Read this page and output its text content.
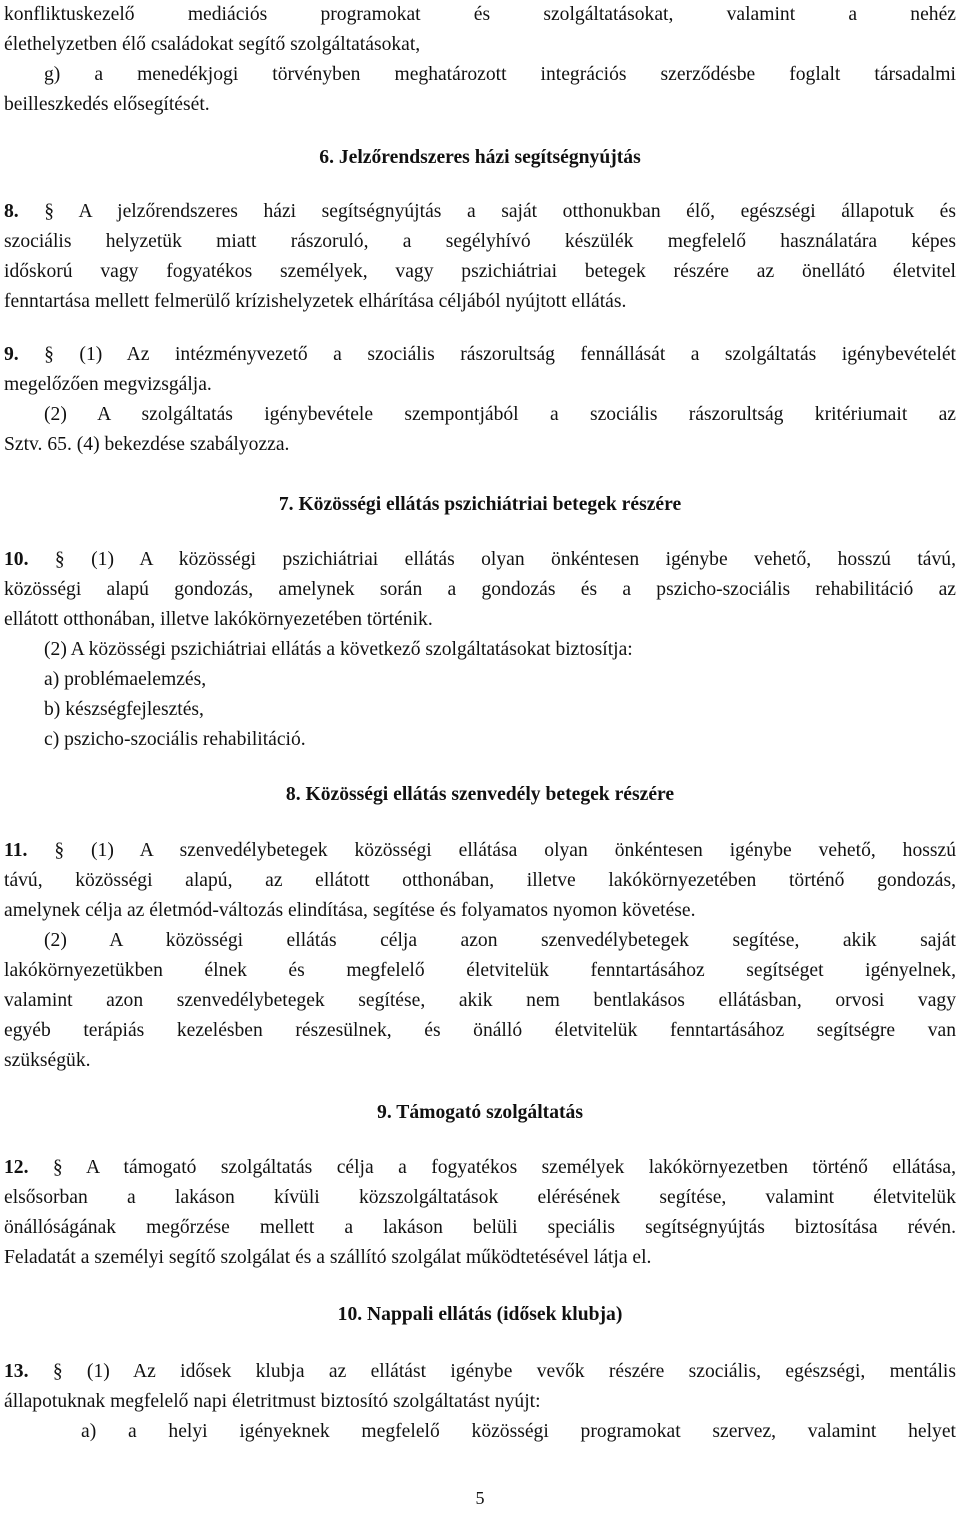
konfliktuskezelő mediációs programokat és szolgáltatásokat, valamint a nehéz
élethelyzetben élő családokat segítő szolgáltatásokat,
g) a menedékjogi törvényben meghatározott integrációs szerződésbe foglalt társadalmi
beilleszkedés elősegítését.
6. Jelzőrendszeres házi segítségnyújtás
8. § A jelzőrendszeres házi segítségnyújtás a saját otthonukban élő, egészségi állapotuk és
szociális helyzetük miatt rászoruló, a segélyhívó készülék megfelelő használatára képes
időskorú vagy fogyatékos személyek, vagy pszichiátriai betegek részére az önellátó életvitel
fenntartása mellett felmerülő krízishelyzetek elhárítása céljából nyújtott ellátás.
9. § (1) Az intézményvezető a szociális rászorultság fennállását a szolgáltatás igénybevételét
megelőzően megvizsgálja.
(2) A szolgáltatás igénybevétele szempontjából a szociális rászorultság kritériumait az
Sztv. 65. (4) bekezdése szabályozza.
7. Közösségi ellátás pszichiátriai betegek részére
10. § (1) A közösségi pszichiátriai ellátás olyan önkéntesen igénybe vehető, hosszú távú,
közösségi alapú gondozás, amelynek során a gondozás és a pszicho-szociális rehabilitáció az
ellátott otthonában, illetve lakókörnyezetében történik.
(2) A közösségi pszichiátriai ellátás a következő szolgáltatásokat biztosítja:
a) problémaelemzés,
b) készségfejlesztés,
c) pszicho-szociális rehabilitáció.
8. Közösségi ellátás szenvedély betegek részére
11. § (1) A szenvedélybetegek közösségi ellátása olyan önkéntesen igénybe vehető, hosszú
távú, közösségi alapú, az ellátott otthonában, illetve lakókörnyezetében történő gondozás,
amelynek célja az életmód-változás elindítása, segítése és folyamatos nyomon követése.
(2) A közösségi ellátás célja azon szenvedélybetegek segítése, akik saját
lakókörnyezetükben élnek és megfelelő életvitelük fenntartásához segítséget igényelnek,
valamint azon szenvedélybetegek segítése, akik nem bentlakásos ellátásban, orvosi vagy
egyéb terápiás kezelésben részesülnek, és önálló életvitelük fenntartásához segítségre van
szükségük.
9. Támogató szolgáltatás
12. § A támogató szolgáltatás célja a fogyatékos személyek lakókörnyezetben történő ellátása,
elsősorban a lakáson kívüli közszolgáltatások elérésének segítése, valamint életvitelük
önállóságának megőrzése mellett a lakáson belüli speciális segítségnyújtás biztosítása révén.
Feladatát a személyi segítő szolgálat és a szállító szolgálat működtetésével látja el.
10. Nappali ellátás (idősek klubja)
13. § (1) Az idősek klubja az ellátást igénybe vevők részére szociális, egészségi, mentális
állapotuknak megfelelő napi életritmust biztosító szolgáltatást nyújt:
a) a helyi igényeknek megfelelő közösségi programokat szervez, valamint helyet
5
